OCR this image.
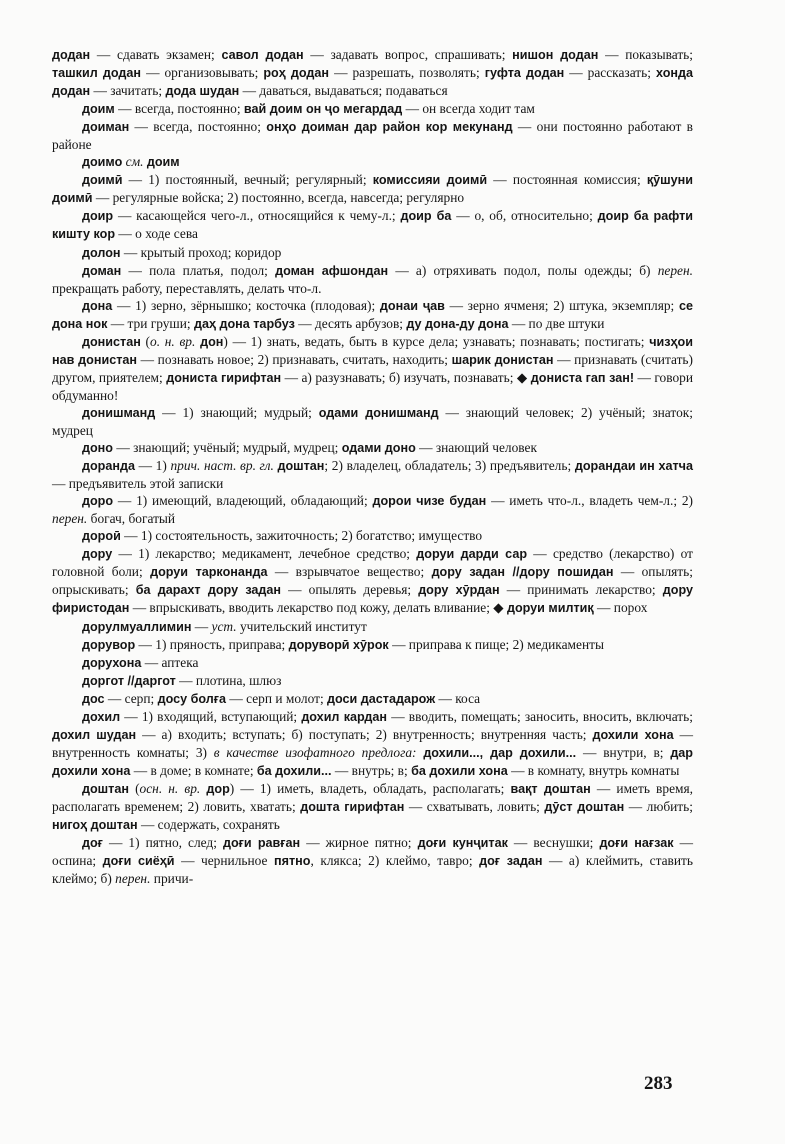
додан — сдавать экзамен; савол додан — задавать вопрос, спрашивать; нишон додан — показывать; ташкил додан — организовывать; роҳ додан — разрешать, позволять; гуфта додан — рассказать; хонда додан — зачитать; дода шудан — даваться, выдаваться; подаваться

доим — всегда, постоянно; вай доим он ҷо мегардад — он всегда ходит там

доиман — всегда, постоянно; онҳо доиман дар район кор мекунанд — они постоянно работают в районе

доимо см. доим

доимӣ — 1) постоянный, вечный; регулярный; комиссияи доимӣ — постоянная комиссия; қӯшуни доимӣ — регулярные войска; 2) постоянно, всегда, навсегда; регулярно

доир — касающейся чего-л., относящийся к чему-л.; доир ба — о, об, относительно; доир ба рафти кишту кор — о ходе сева

долон — крытый проход; коридор

доман — пола платья, подол; доман афшондан — а) отряхивать подол, полы одежды; б) перен. прекращать работу, переставлять, делать что-л.

дона — 1) зерно, зёрнышко; косточка (плодовая); донаи ҷав — зерно ячменя; 2) штука, экземпляр; се дона нок — три груши; даҳ дона тарбуз — десять арбузов; ду дона-ду дона — по две штуки

донистан (о. н. вр. дон) — 1) знать, ведать, быть в курсе дела; узнавать; познавать; постигать; чизҳои нав донистан — познавать новое; 2) признавать, считать, находить; шарик донистан — признавать (считать) другом, приятелем; дониста гирифтан — а) разузнавать; б) изучать, познавать; ◆ дониста гап зан! — говори обдуманно!

донишманд — 1) знающий; мудрый; одами донишманд — знающий человек; 2) учёный; знаток; мудрец

доно — знающий; учёный; мудрый, мудрец; одами доно — знающий человек

доранда — 1) прич. наст. вр. гл. доштан; 2) владелец, обладатель; 3) предъявитель; дорандаи ин хатча — предъявитель этой записки

доро — 1) имеющий, владеющий, обладающий; дорои чизе будан — иметь что-л., владеть чем-л.; 2) перен. богач, богатый

дороӣ — 1) состоятельность, зажиточность; 2) богатство; имущество

дору — 1) лекарство; медикамент, лечебное средство; доруи дарди сар — средство (лекарство) от головной боли; доруи тарконанда — взрывчатое вещество; дору задан //дору пошидан — опылять; опрыскивать; ба дарахт дору задан — опылять деревья; дору хӯрдан — принимать лекарство; дору фиристодан — впрыскивать, вводить лекарство под кожу, делать вливание; ◆ доруи милтиқ — порох

дорулмуаллимин — уст. учительский институт

дорувор — 1) пряность, приправа; доруворӣ хӯрок — приправа к пище; 2) медикаменты

дорухона — аптека

доргот //даргот — плотина, шлюз

дос — серп; досу болға — серп и молот; доси дастадарож — коса

дохил — 1) входящий, вступающий; дохил кардан — вводить, помещать; заносить, вносить, включать; дохил шудан — а) входить; вступать; б) поступать; 2) внутренность; внутренняя часть; дохили хона — внутренность комнаты; 3) в качестве изофатного предлога: дохили..., дар дохили... — внутри, в; дар дохили хона — в доме; в комнате; ба дохили... — внутрь; в; ба дохили хона — в комнату, внутрь комнаты

доштан (осн. н. вр. дор) — 1) иметь, владеть, обладать, располагать; вақт доштан — иметь время, располагать временем; 2) ловить, хватать; дошта гирифтан — схватывать, ловить; дӯст доштан — любить; нигоҳ доштан — содержать, сохранять

доғ — 1) пятно, след; доғи равған — жирное пятно; доғи кунҷитак — веснушки; доғи нағзак — оспина; доғи сиёҳӣ — чернильное пятно, клякса; 2) клеймо, тавро; доғ задан — а) клеймить, ставить клеймо; б) перен. причи-

283
